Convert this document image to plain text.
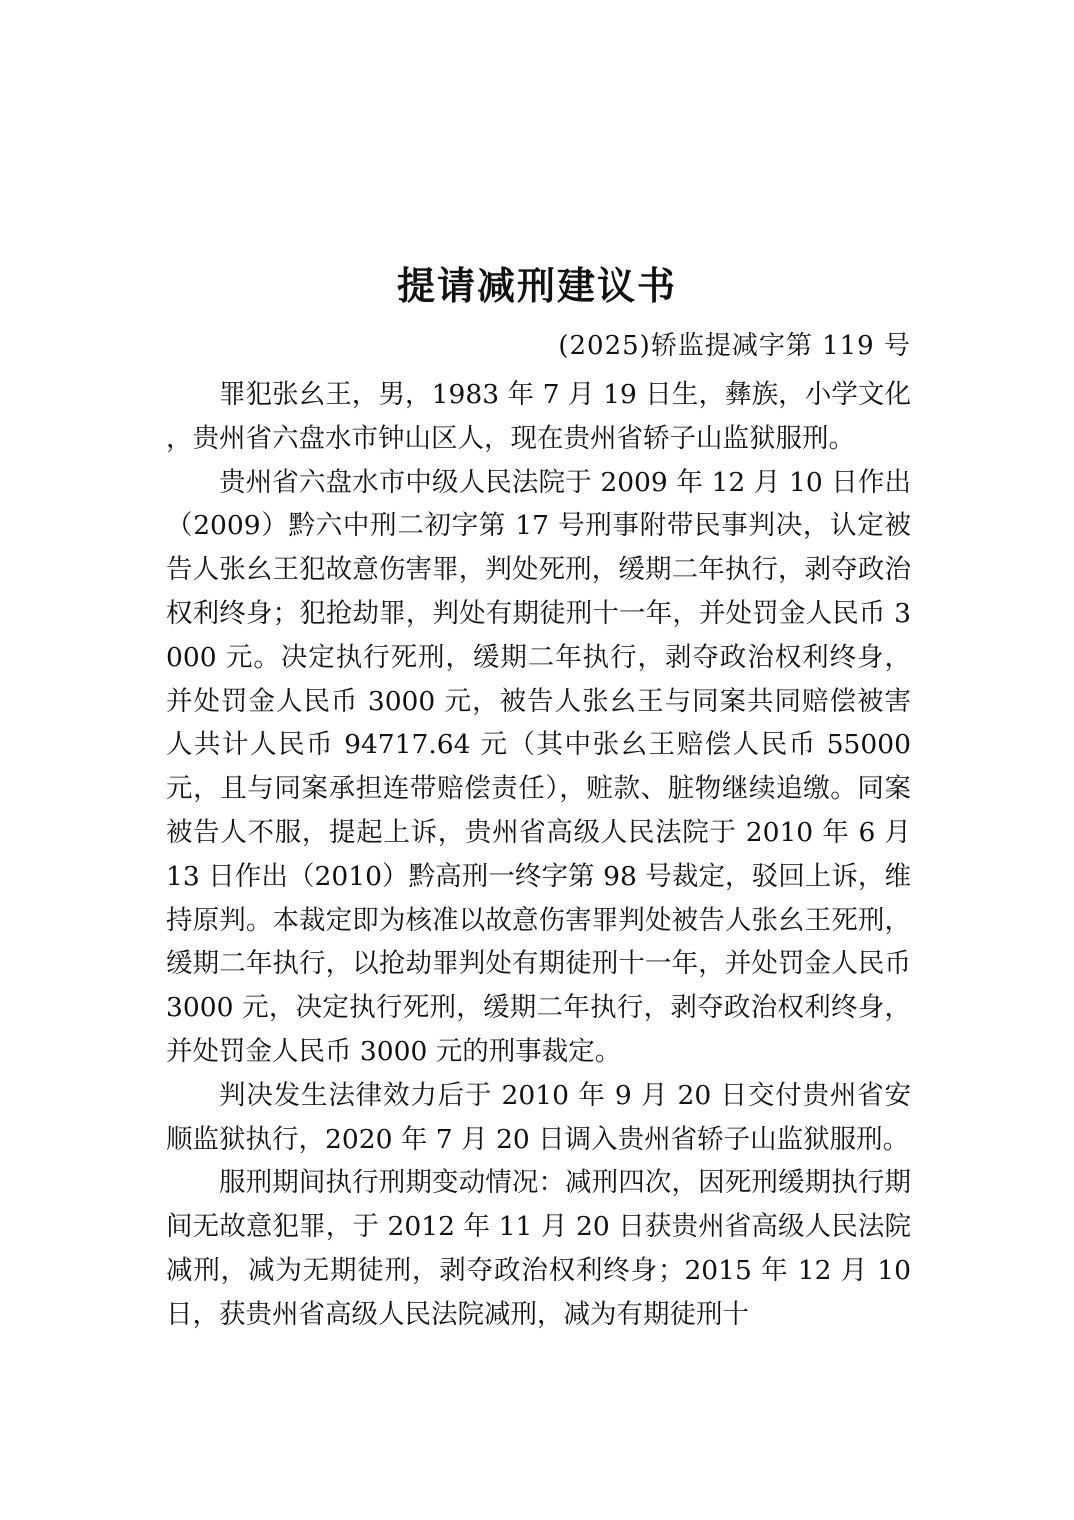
提请减刑建议书
(2025)轿监提减字第 119 号

罪犯张幺王，男，1983 年 7 月 19 日生，彝族，小学文化，贵州省六盘水市钟山区人，现在贵州省轿子山监狱服刑。

贵州省六盘水市中级人民法院于 2009 年 12 月 10 日作出（2009）黔六中刑二初字第 17 号刑事附带民事判决，认定被告人张幺王犯故意伤害罪，判处死刑，缓期二年执行，剥夺政治权利终身；犯抢劫罪，判处有期徒刑十一年，并处罚金人民币 3000 元。决定执行死刑，缓期二年执行，剥夺政治权利终身，并处罚金人民币 3000 元，被告人张幺王与同案共同赔偿被害人共计人民币 94717.64 元（其中张幺王赔偿人民币 55000 元，且与同案承担连带赔偿责任），赃款、脏物继续追缴。同案被告人不服，提起上诉，贵州省高级人民法院于 2010 年 6 月 13 日作出（2010）黔高刑一终字第 98 号裁定，驳回上诉，维持原判。本裁定即为核准以故意伤害罪判处被告人张幺王死刑，缓期二年执行，以抢劫罪判处有期徒刑十一年，并处罚金人民币 3000 元，决定执行死刑，缓期二年执行，剥夺政治权利终身，并处罚金人民币 3000 元的刑事裁定。

判决发生法律效力后于 2010 年 9 月 20 日交付贵州省安顺监狱执行，2020 年 7 月 20 日调入贵州省轿子山监狱服刑。

服刑期间执行刑期变动情况：减刑四次，因死刑缓期执行期间无故意犯罪，于 2012 年 11 月 20 日获贵州省高级人民法院减刑，减为无期徒刑，剥夺政治权利终身；2015 年 12 月 10 日，获贵州省高级人民法院减刑，减为有期徒刑十
